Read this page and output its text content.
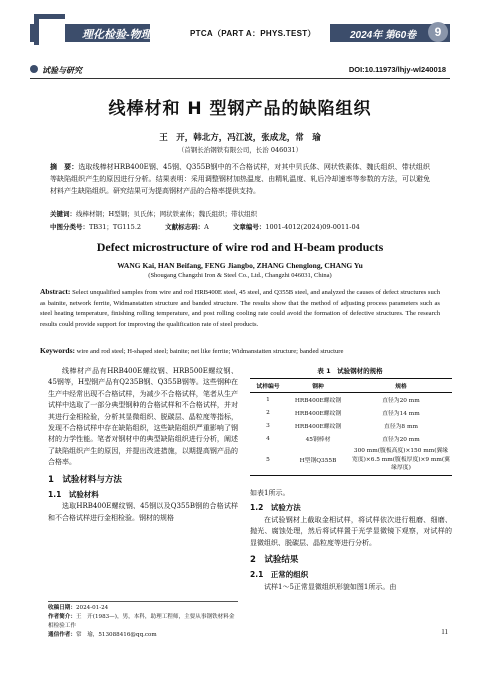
理化检验-物理分册 PTCA（PART A：PHYS.TEST）	2024年 第60卷	9
试验与研究	DOI:10.11973/lhjy-wl240018
线棒材和 H 型钢产品的缺陷组织
王　开，韩北方，冯江波，张成龙，常　瑜
（首钢长治钢铁有限公司，长治 046031）
摘　要：选取线棒材HRB400E钢、45钢、Q355B钢中的不合格试样，对其中贝氏体、网状铁素体、魏氏组织、带状组织等缺陷组织产生的原因进行分析。结果表明：采用调整钢材加热温度、由精轧温度、轧后冷却速率等参数的方法，可以避免材料产生缺陷组织。研究结果可为提高钢材产品的合格率提供支持。
关键词：线棒材钢；H型钢；贝氏体；网状铁素体；魏氏组织；带状组织
中图分类号：TB31；TG115.2	文献标志码：A	文章编号：1001-4012(2024)09-0011-04
Defect microstructure of wire rod and H-beam products
WANG Kai, HAN Beifang, FENG Jiangbo, ZHANG Chenglong, CHANG Yu
(Shougang Changzhi Iron & Steel Co., Ltd., Changzhi 046031, China)
Abstract: Select unqualified samples from wire and rod HRB400E steel, 45 steel, and Q355B steel, and analyzed the causes of defect structures such as bainite, network ferrite, Widmanstatten structure and banded structure. The results show that the method of adjusting process parameters such as steel heating temperature, finishing rolling temperature, and post rolling cooling rate could avoid the formation of defective structures. The research results could provide support for improving the qualification rate of steel products.
Keywords: wire and rod steel; H-shaped steel; bainite; net like ferrite; Widmanstatten structure; banded structure

线棒材产品有HRB400E螺纹钢、HRB500E螺纹钢、45钢等，H型钢产品有Q235B钢、Q355B钢等。这些钢种在生产中经常出现不合格试样，为减少不合格试样，笔者从生产试样中选取了一部分典型钢种的合格试样和不合格试样，并对其进行金相检验，分析其显微组织、脱碳层、晶粒度等指标，发现不合格试样中存在缺陷组织，这些缺陷组织严重影响了钢材的力学性能。笔者对钢材中的典型缺陷组织进行分析，阐述了缺陷组织产生的原因，并提出改进措施，以期提高钢产品的合格率。

1　试验材料与方法
1.1　试验材料

选取HRB400E螺纹钢、45钢以及Q355B钢的合格试样和不合格试样进行金相检验。钢材的规格

表 1　试验钢材的规格
试样编号	钢种	规格
1	HRB400E螺纹钢	直径为20 mm
2	HRB400E螺纹钢	直径为14 mm
3	HRB400E螺纹钢	直径为8 mm
4	45钢棒材	直径为20 mm
5	H型钢Q355B	300 mm(腹板高度)×150 mm(翼缘宽度)×6.5 mm(腹板厚度)×9 mm(翼缘厚度)

如表1所示。

1.2　试验方法

在试验钢材上截取金相试样，将试样依次进行粗磨、细磨、抛光、腐蚀处理，然后将试样置于光学显微镜下观察，对试样的显微组织、脱碳层、晶粒度等进行分析。

2　试验结果
2.1　正常的组织

试样1～5正常显微组织形貌如图1所示。由

收稿日期：2024-01-24
作者简介：王　开(1983—)，男，本科，助理工程师，主要从事钢铁材料金相检验工作
通信作者：常　瑜，513088416@qq.com	11
